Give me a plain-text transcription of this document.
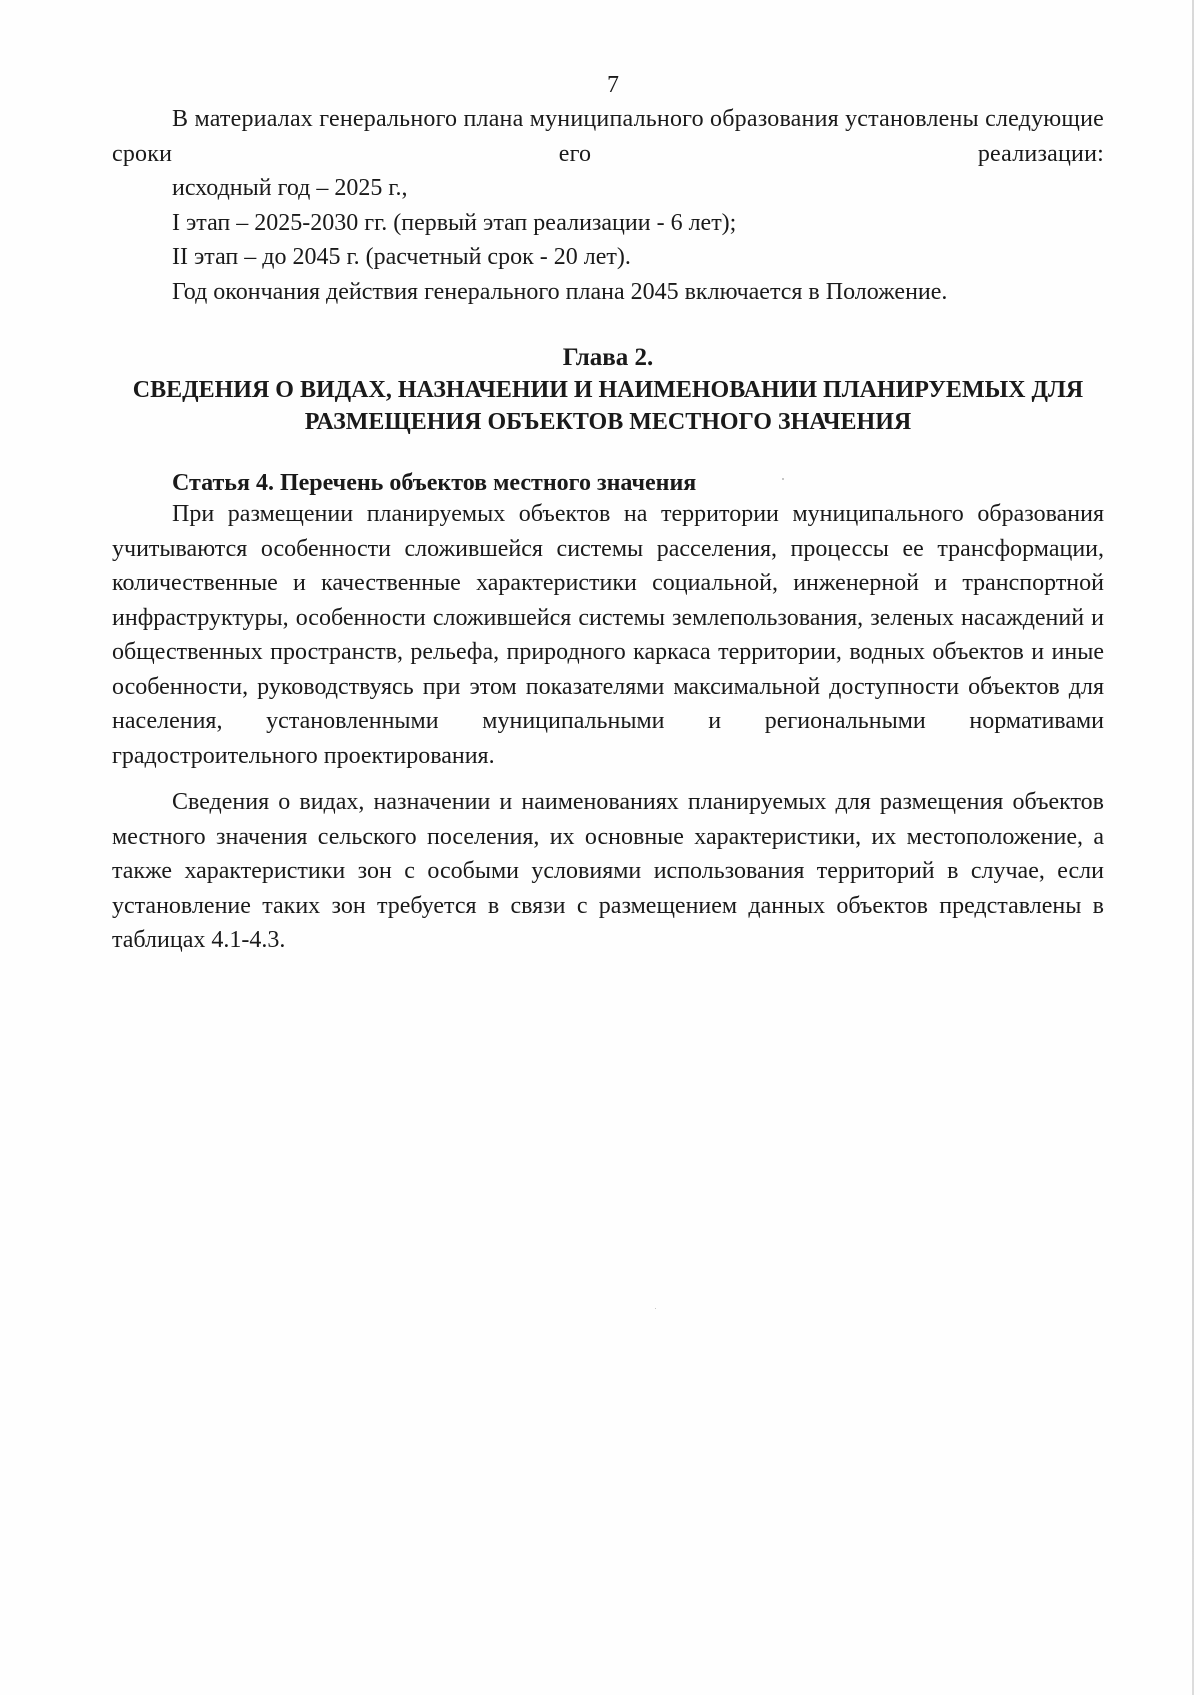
7

В материалах генерального плана муниципального образования установлены следующие сроки его реализации:

исходный год – 2025 г.,

I этап – 2025-2030 гг. (первый этап реализации - 6 лет);

II этап – до 2045 г. (расчетный срок - 20 лет).

Год окончания действия генерального плана 2045 включается в Положение.

Глава 2.
СВЕДЕНИЯ О ВИДАХ, НАЗНАЧЕНИИ И НАИМЕНОВАНИИ ПЛАНИРУЕМЫХ ДЛЯ
РАЗМЕЩЕНИЯ ОБЪЕКТОВ МЕСТНОГО ЗНАЧЕНИЯ
Статья 4. Перечень объектов местного значения

При размещении планируемых объектов на территории муниципального образования учитываются особенности сложившейся системы расселения, процессы ее трансформации, количественные и качественные характеристики социальной, инженерной и транспортной инфраструктуры, особенности сложившейся системы землепользования, зеленых насаждений и общественных пространств, рельефа, природного каркаса территории, водных объектов и иные особенности, руководствуясь при этом показателями максимальной доступности объектов для населения, установленными муниципальными и региональными нормативами градостроительного проектирования.

Сведения о видах, назначении и наименованиях планируемых для размещения объектов местного значения сельского поселения, их основные характеристики, их местоположение, а также характеристики зон с особыми условиями использования территорий в случае, если установление таких зон требуется в связи с размещением данных объектов представлены в таблицах 4.1-4.3.
